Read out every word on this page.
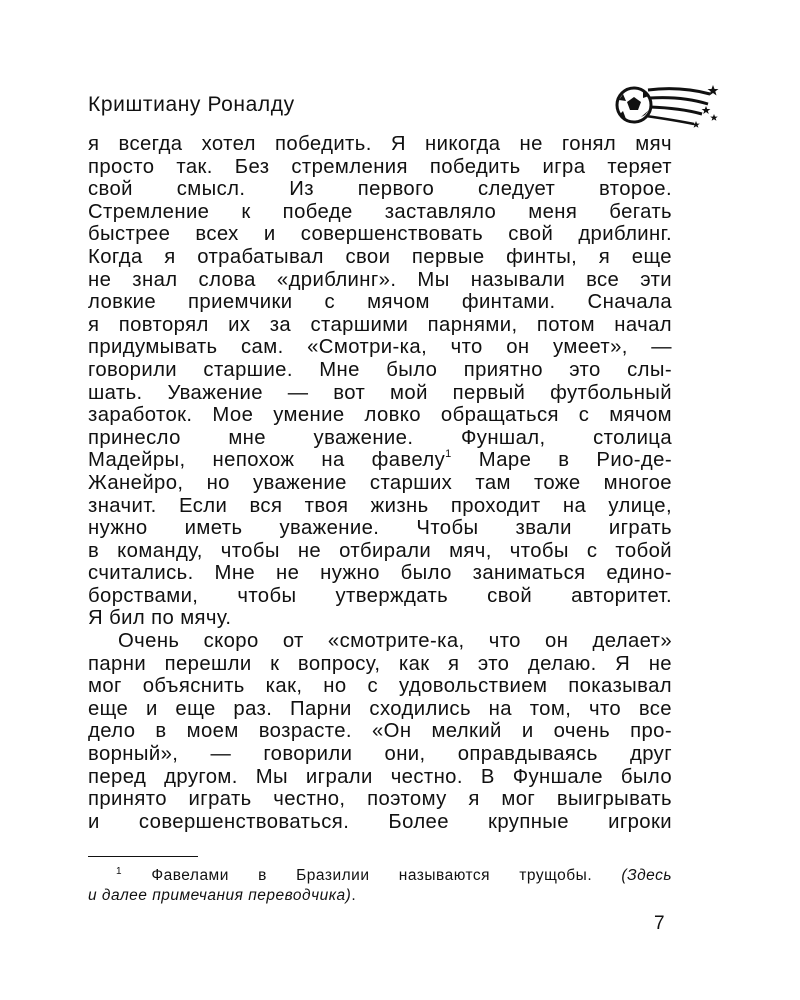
Криштиану Роналду
я всегда хотел победить. Я никогда не гонял мяч
просто так. Без стремления победить игра теряет
свой смысл. Из первого следует второе.
Стремление к победе заставляло меня бегать
быстрее всех и совершенствовать свой дриблинг.
Когда я отрабатывал свои первые финты, я еще
не знал слова «дриблинг». Мы называли все эти
ловкие приемчики с мячом финтами. Сначала
я повторял их за старшими парнями, потом начал
придумывать сам. «Смотри-ка, что он умеет», —
говорили старшие. Мне было приятно это слы-
шать. Уважение — вот мой первый футбольный
заработок. Мое умение ловко обращаться с мячом
принесло мне уважение. Фуншал, столица
Мадейры, непохож на фавелу$^1$ Маре в Рио-де-
Жанейро, но уважение старших там тоже многое
значит. Если вся твоя жизнь проходит на улице,
нужно иметь уважение. Чтобы звали играть
в команду, чтобы не отбирали мяч, чтобы с тобой
считались. Мне не нужно было заниматься едино-
борствами, чтобы утверждать свой авторитет.
Я бил по мячу.
Очень скоро от «смотрите-ка, что он делает»
парни перешли к вопросу, как я это делаю. Я не
мог объяснить как, но с удовольствием показывал
еще и еще раз. Парни сходились на том, что все
дело в моем возрасте. «Он мелкий и очень про-
ворный», — говорили они, оправдываясь друг
перед другом. Мы играли честно. В Фуншале было
принято играть честно, поэтому я мог выигрывать
и совершенствоваться. Более крупные игроки
$^1$ Фавелами в Бразилии называются трущобы. (Здесь
и далее примечания переводчика).
7
